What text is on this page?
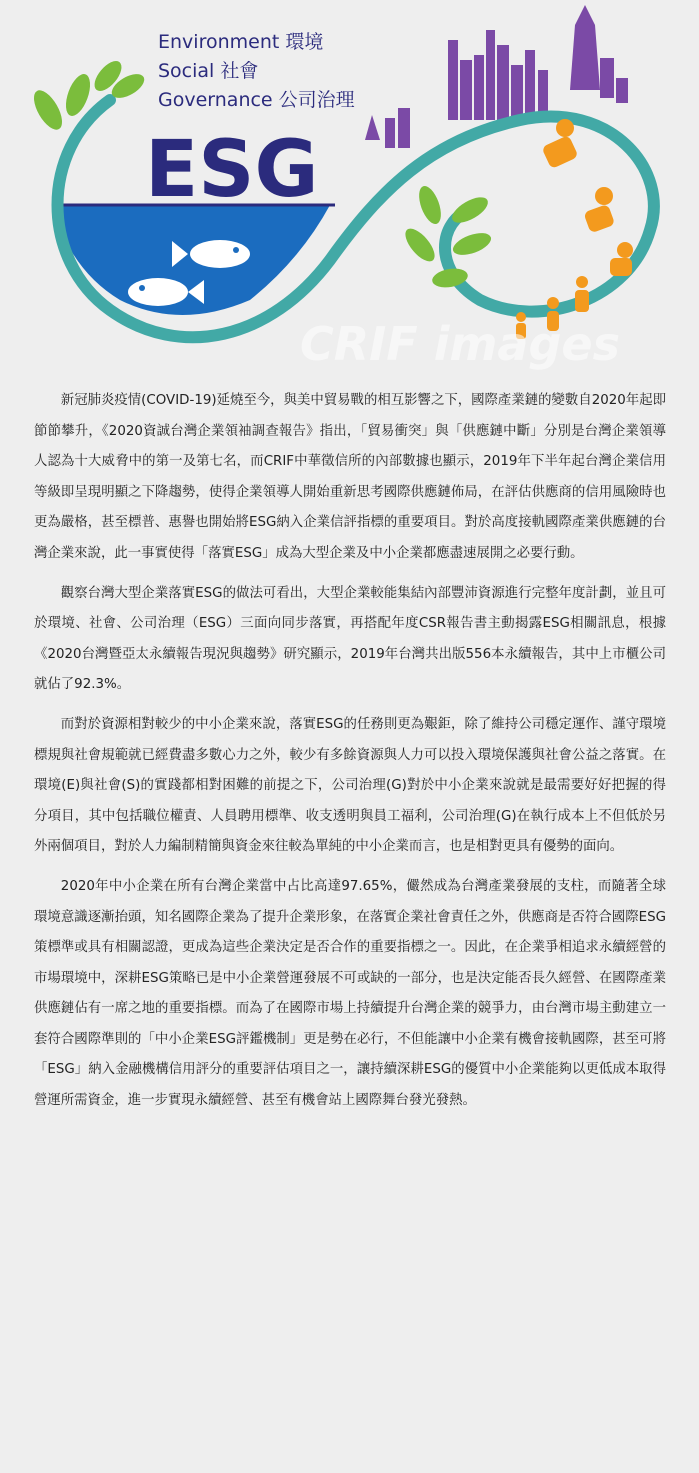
CRIF images
Environment 環境
Social 社會
Governance 公司治理
ESG

新冠肺炎疫情(COVID-19)延燒至今，與美中貿易戰的相互影響之下，國際產業鏈的變數自2020年起即節節攀升，《2020資誠台灣企業領袖調查報告》指出，「貿易衝突」與「供應鏈中斷」分別是台灣企業領導人認為十大威脅中的第一及第七名，而CRIF中華徵信所的內部數據也顯示，2019年下半年起台灣企業信用等級即呈現明顯之下降趨勢，使得企業領導人開始重新思考國際供應鏈佈局，在評估供應商的信用風險時也更為嚴格，甚至標普、惠譽也開始將ESG納入企業信評指標的重要項目。對於高度接軌國際產業供應鏈的台灣企業來說，此一事實使得「落實ESG」成為大型企業及中小企業都應盡速展開之必要行動。

觀察台灣大型企業落實ESG的做法可看出，大型企業較能集結內部豐沛資源進行完整年度計劃，並且可於環境、社會、公司治理（ESG）三面向同步落實，再搭配年度CSR報告書主動揭露ESG相關訊息，根據《2020台灣暨亞太永續報告現況與趨勢》研究顯示，2019年台灣共出版556本永續報告，其中上市櫃公司就佔了92.3%。

而對於資源相對較少的中小企業來說，落實ESG的任務則更為艱鉅，除了維持公司穩定運作、謹守環境標規與社會規範就已經費盡多數心力之外，較少有多餘資源與人力可以投入環境保護與社會公益之落實。在環境(E)與社會(S)的實踐都相對困難的前提之下，公司治理(G)對於中小企業來說就是最需要好好把握的得分項目，其中包括職位權責、人員聘用標準、收支透明與員工福利，公司治理(G)在執行成本上不但低於另外兩個項目，對於人力編制精簡與資金來往較為單純的中小企業而言，也是相對更具有優勢的面向。

2020年中小企業在所有台灣企業當中占比高達97.65%，儼然成為台灣產業發展的支柱，而隨著全球環境意識逐漸抬頭，知名國際企業為了提升企業形象，在落實企業社會責任之外，供應商是否符合國際ESG策標準或具有相關認證，更成為這些企業決定是否合作的重要指標之一。因此，在企業爭相追求永續經營的市場環境中，深耕ESG策略已是中小企業營運發展不可或缺的一部分，也是決定能否長久經營、在國際產業供應鏈佔有一席之地的重要指標。而為了在國際市場上持續提升台灣企業的競爭力，由台灣市場主動建立一套符合國際準則的「中小企業ESG評鑑機制」更是勢在必行，不但能讓中小企業有機會接軌國際，甚至可將「ESG」納入金融機構信用評分的重要評估項目之一，讓持續深耕ESG的優質中小企業能夠以更低成本取得營運所需資金，進一步實現永續經營、甚至有機會站上國際舞台發光發熱。
